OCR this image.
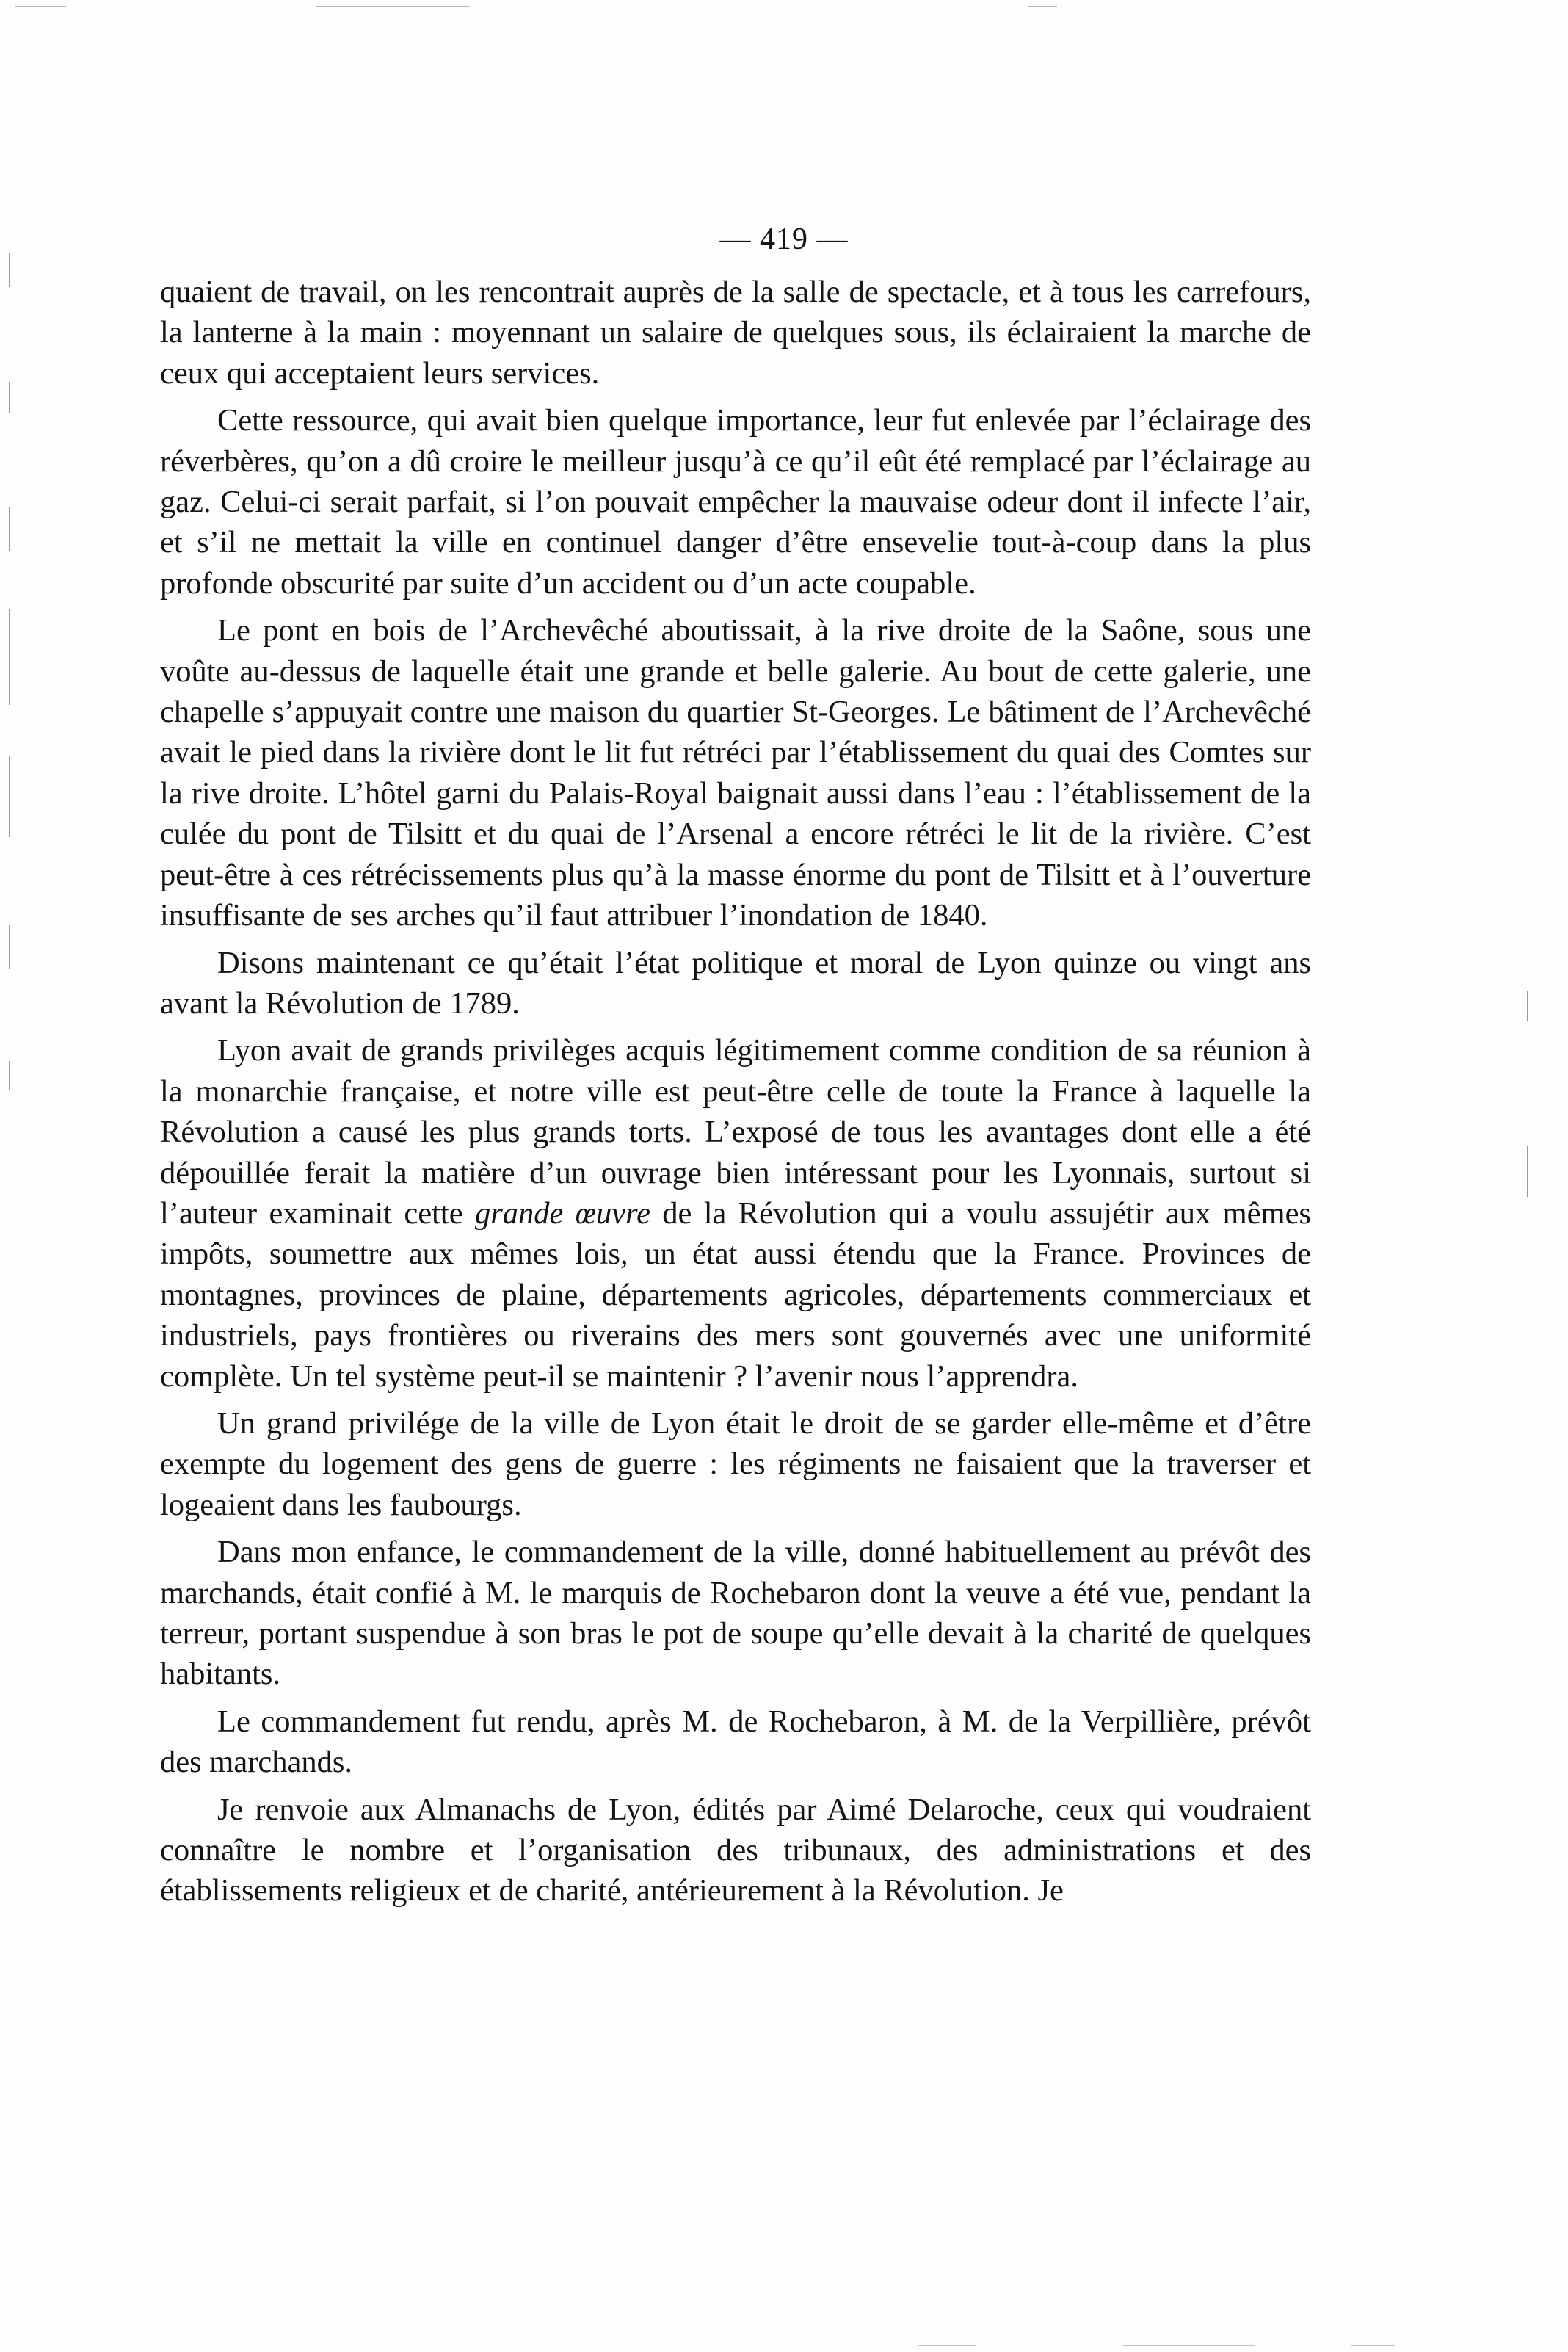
— 419 —

quaient de travail, on les rencontrait auprès de la salle de spectacle, et à tous les carrefours, la lanterne à la main : moyennant un salaire de quelques sous, ils éclairaient la marche de ceux qui acceptaient leurs services.

Cette ressource, qui avait bien quelque importance, leur fut enlevée par l’éclairage des réverbères, qu’on a dû croire le meilleur jusqu’à ce qu’il eût été remplacé par l’éclairage au gaz. Celui-ci serait parfait, si l’on pouvait empêcher la mauvaise odeur dont il infecte l’air, et s’il ne mettait la ville en continuel danger d’être ensevelie tout-à-coup dans la plus profonde obscurité par suite d’un accident ou d’un acte coupable.

Le pont en bois de l’Archevêché aboutissait, à la rive droite de la Saône, sous une voûte au-dessus de laquelle était une grande et belle galerie. Au bout de cette galerie, une chapelle s’appuyait contre une maison du quartier St-Georges. Le bâtiment de l’Archevêché avait le pied dans la rivière dont le lit fut rétréci par l’établissement du quai des Comtes sur la rive droite. L’hôtel garni du Palais-Royal baignait aussi dans l’eau : l’établissement de la culée du pont de Tilsitt et du quai de l’Arsenal a encore rétréci le lit de la rivière. C’est peut-être à ces rétrécissements plus qu’à la masse énorme du pont de Tilsitt et à l’ouverture insuffisante de ses arches qu’il faut attribuer l’inondation de 1840.

Disons maintenant ce qu’était l’état politique et moral de Lyon quinze ou vingt ans avant la Révolution de 1789.

Lyon avait de grands privilèges acquis légitimement comme condition de sa réunion à la monarchie française, et notre ville est peut-être celle de toute la France à laquelle la Révolution a causé les plus grands torts. L’exposé de tous les avantages dont elle a été dépouillée ferait la matière d’un ouvrage bien intéressant pour les Lyonnais, surtout si l’auteur examinait cette grande œuvre de la Révolution qui a voulu assujétir aux mêmes impôts, soumettre aux mêmes lois, un état aussi étendu que la France. Provinces de montagnes, provinces de plaine, départements agricoles, départements commerciaux et industriels, pays frontières ou riverains des mers sont gouvernés avec une uniformité complète. Un tel système peut-il se maintenir ? l’avenir nous l’apprendra.

Un grand privilége de la ville de Lyon était le droit de se garder elle-même et d’être exempte du logement des gens de guerre : les régiments ne faisaient que la traverser et logeaient dans les faubourgs.

Dans mon enfance, le commandement de la ville, donné habituellement au prévôt des marchands, était confié à M. le marquis de Rochebaron dont la veuve a été vue, pendant la terreur, portant suspendue à son bras le pot de soupe qu’elle devait à la charité de quelques habitants.

Le commandement fut rendu, après M. de Rochebaron, à M. de la Verpillière, prévôt des marchands.

Je renvoie aux Almanachs de Lyon, édités par Aimé Delaroche, ceux qui voudraient connaître le nombre et l’organisation des tribunaux, des administrations et des établissements religieux et de charité, antérieurement à la Révolution. Je
